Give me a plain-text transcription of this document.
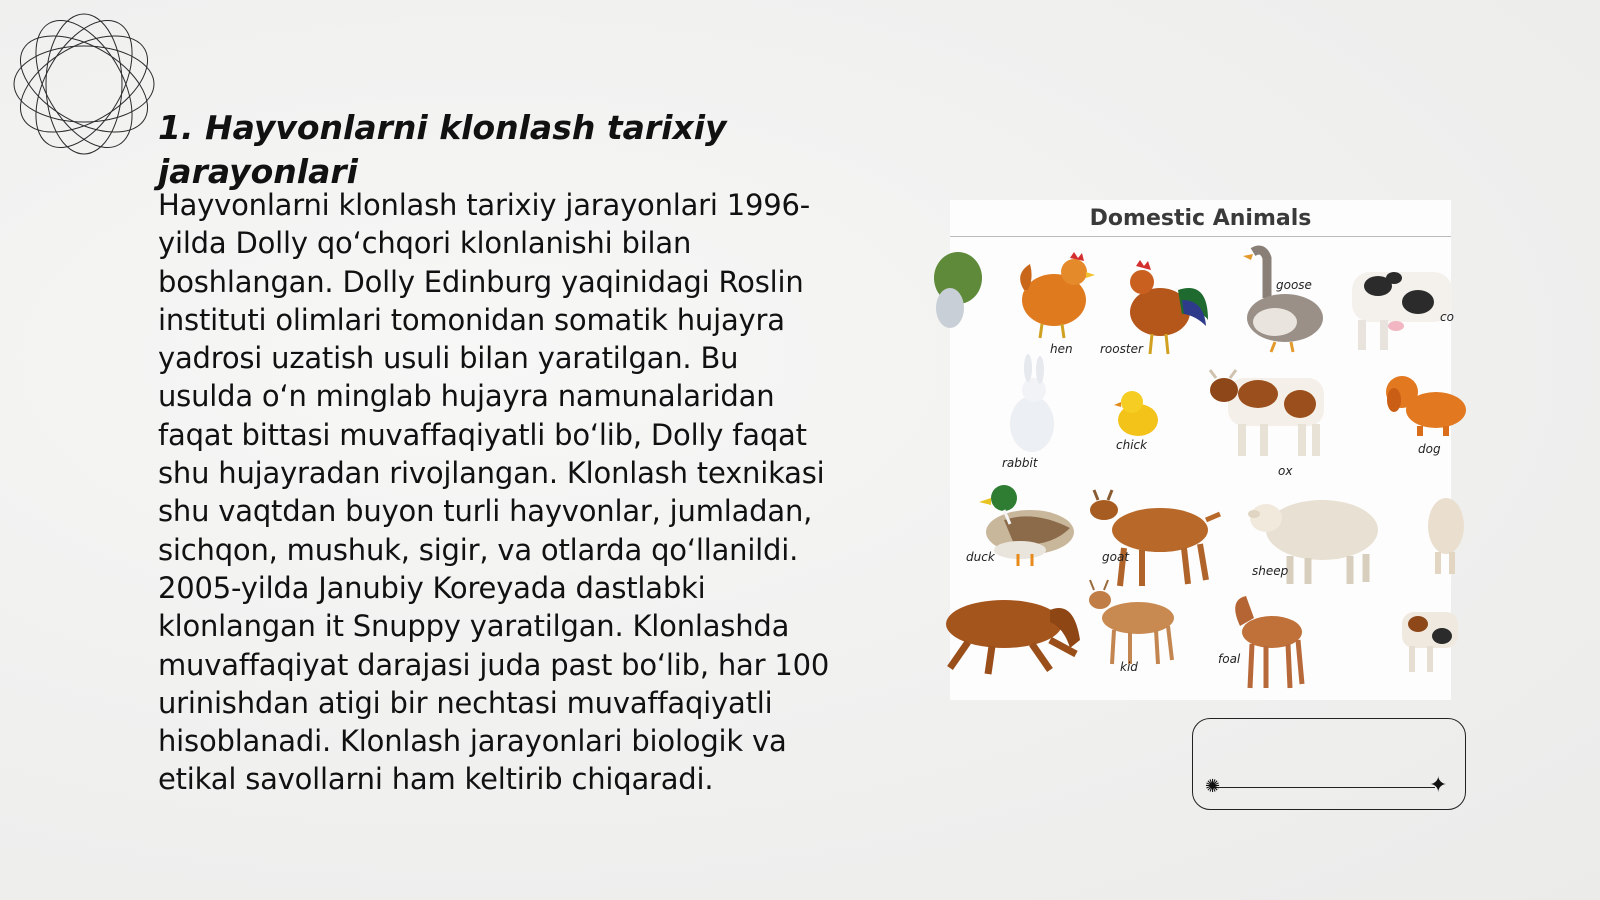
1. Hayvonlarni klonlash tarixiy jarayonlari

Hayvonlarni klonlash tarixiy jarayonlari 1996-yilda Dolly qo‘chqori klonlanishi bilan boshlangan. Dolly Edinburg yaqinidagi Roslin instituti olimlari tomonidan somatik hujayra yadrosi uzatish usuli bilan yaratilgan. Bu usulda o‘n minglab hujayra namunalaridan faqat bittasi muvaffaqiyatli bo‘lib, Dolly faqat shu hujayradan rivojlangan. Klonlash texnikasi shu vaqtdan buyon turli hayvonlar, jumladan, sichqon, mushuk, sigir, va otlarda qo‘llanildi. 2005-yilda Janubiy Koreyada dastlabki klonlangan it Snuppy yaratilgan. Klonlashda muvaffaqiyat darajasi juda past bo‘lib, har 100 urinishdan atigi bir nechtasi muvaffaqiyatli hisoblanadi. Klonlash jarayonlari biologik va etikal savollarni ham keltirib chiqaradi.

Domestic Animals
hen rooster
goose
co
rabbit
chick
ox
dog
duck	goat
sheep
kid
foal
✺	✦
